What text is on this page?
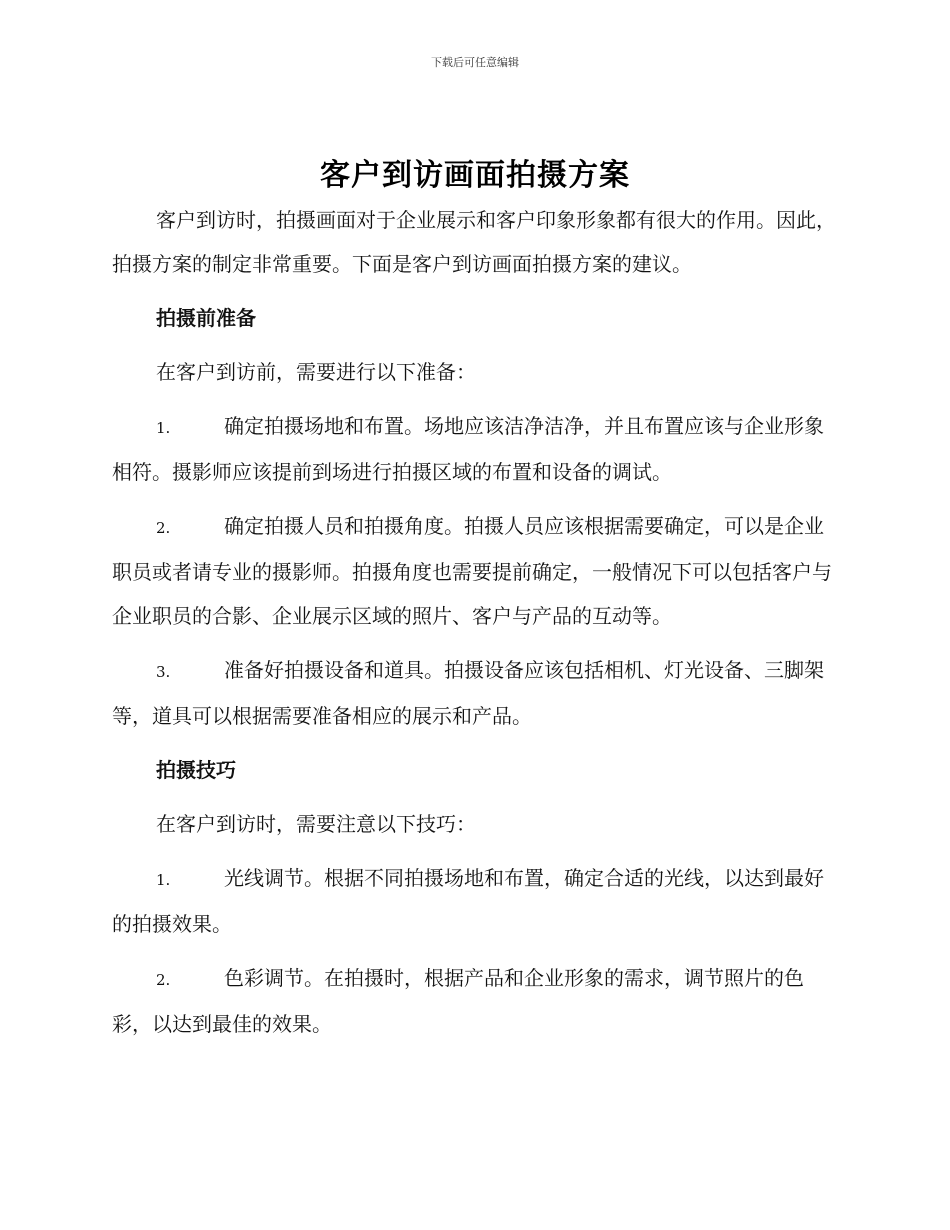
下载后可任意编辑
客户到访画面拍摄方案

客户到访时，拍摄画面对于企业展示和客户印象形象都有很大的作用。因此，拍摄方案的制定非常重要。下面是客户到访画面拍摄方案的建议。

拍摄前准备

在客户到访前，需要进行以下准备：

1.	确定拍摄场地和布置。场地应该洁净洁净，并且布置应该与企业形象相符。摄影师应该提前到场进行拍摄区域的布置和设备的调试。
2.	确定拍摄人员和拍摄角度。拍摄人员应该根据需要确定，可以是企业职员或者请专业的摄影师。拍摄角度也需要提前确定，一般情况下可以包括客户与企业职员的合影、企业展示区域的照片、客户与产品的互动等。
3.	准备好拍摄设备和道具。拍摄设备应该包括相机、灯光设备、三脚架等，道具可以根据需要准备相应的展示和产品。
拍摄技巧

在客户到访时，需要注意以下技巧：

1.	光线调节。根据不同拍摄场地和布置，确定合适的光线，以达到最好的拍摄效果。
2.	色彩调节。在拍摄时，根据产品和企业形象的需求，调节照片的色彩，以达到最佳的效果。
